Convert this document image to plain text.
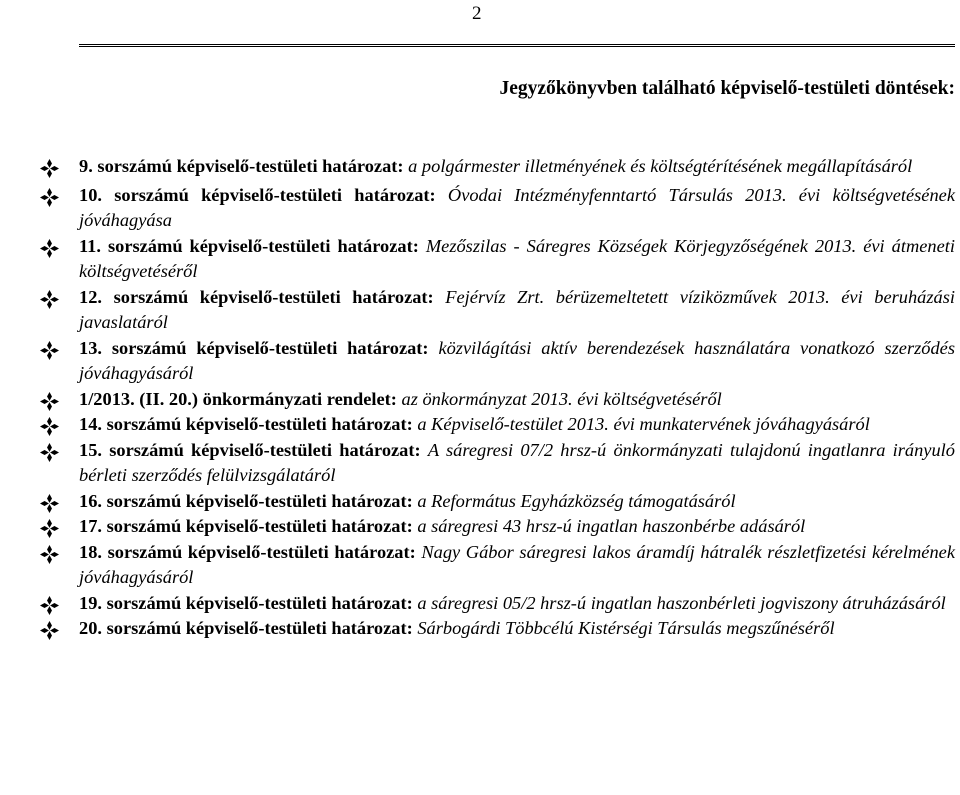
2
Jegyzőkönyvben található képviselő-testületi döntések:
9. sorszámú képviselő-testületi határozat: a polgármester illetményének és költségtérítésének megállapításáról
10. sorszámú képviselő-testületi határozat: Óvodai Intézményfenntartó Társulás 2013. évi költségvetésének jóváhagyása
11. sorszámú képviselő-testületi határozat: Mezőszilas - Sáregres Községek Körjegyzőségének 2013. évi átmeneti költségvetéséről
12. sorszámú képviselő-testületi határozat: Fejérvíz Zrt. bérüzemeltetett víziközművek 2013. évi beruházási javaslatáról
13. sorszámú képviselő-testületi határozat: közvilágítási aktív berendezések használatára vonatkozó szerződés jóváhagyásáról
1/2013. (II. 20.) önkormányzati rendelet: az önkormányzat 2013. évi költségvetéséről
14. sorszámú képviselő-testületi határozat: a Képviselő-testület 2013. évi munkatervének jóváhagyásáról
15. sorszámú képviselő-testületi határozat: A sáregresi 07/2 hrsz-ú önkormányzati tulajdonú ingatlanra irányuló bérleti szerződés felülvizsgálatáról
16. sorszámú képviselő-testületi határozat: a Református Egyházközség támogatásáról
17. sorszámú képviselő-testületi határozat: a sáregresi 43 hrsz-ú ingatlan haszonbérbe adásáról
18. sorszámú képviselő-testületi határozat: Nagy Gábor sáregresi lakos áramdíj hátralék részletfizetési kérelmének jóváhagyásáról
19. sorszámú képviselő-testületi határozat: a sáregresi 05/2 hrsz-ú ingatlan haszonbérleti jogviszony átruházásáról
20. sorszámú képviselő-testületi határozat: Sárbogárdi Többcélú Kistérségi Társulás megszűnéséről
